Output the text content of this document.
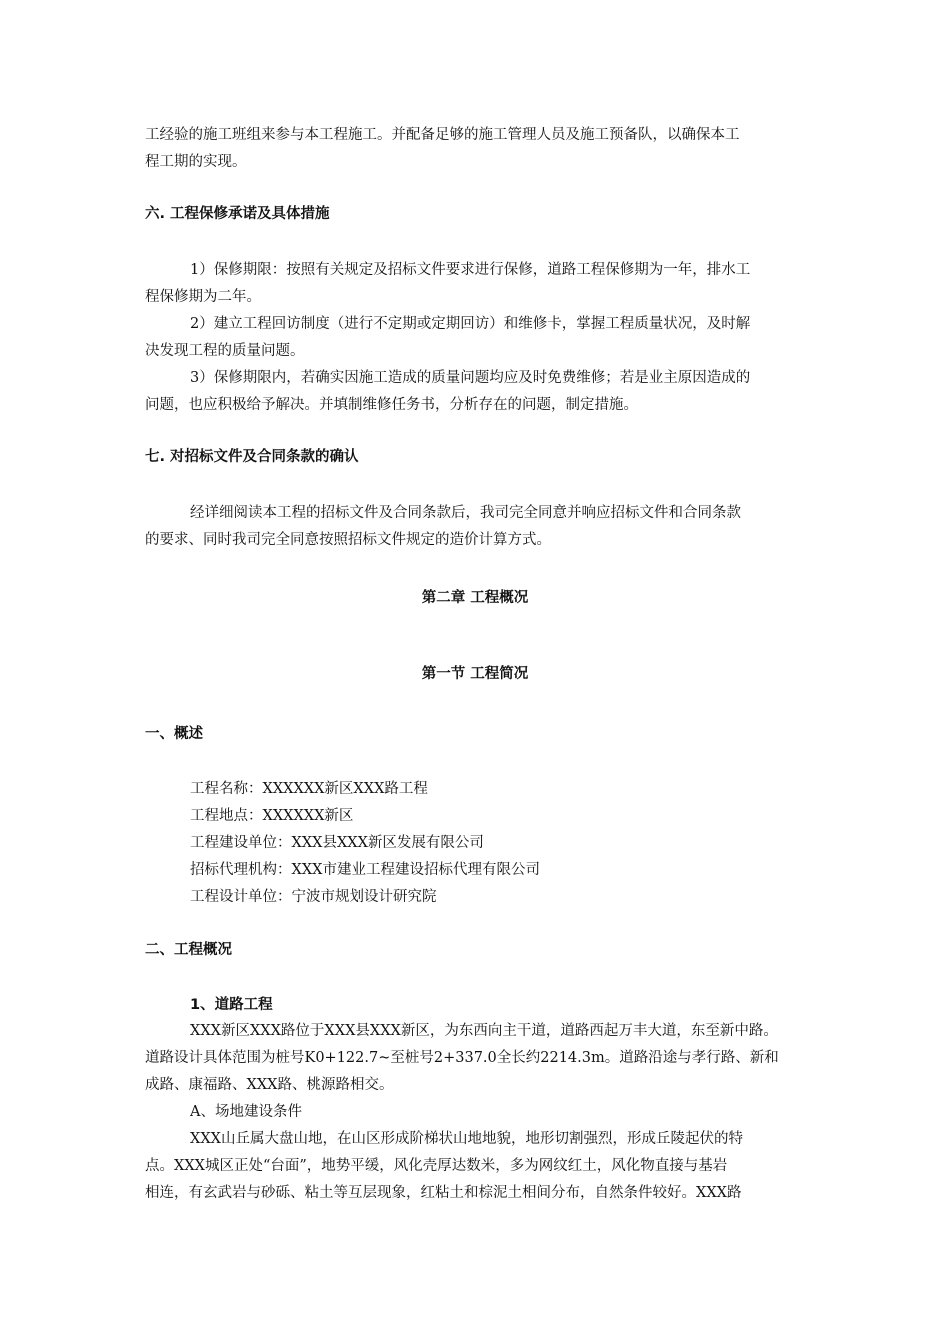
工经验的施工班组来参与本工程施工。并配备足够的施工管理人员及施工预备队，以确保本工
程工期的实现。
六. 工程保修承诺及具体措施
1）保修期限：按照有关规定及招标文件要求进行保修，道路工程保修期为一年，排水工
程保修期为二年。
2）建立工程回访制度（进行不定期或定期回访）和维修卡，掌握工程质量状况，及时解
决发现工程的质量问题。
3）保修期限内，若确实因施工造成的质量问题均应及时免费维修；若是业主原因造成的
问题，也应积极给予解决。并填制维修任务书，分析存在的问题，制定措施。
七. 对招标文件及合同条款的确认
经详细阅读本工程的招标文件及合同条款后，我司完全同意并响应招标文件和合同条款
的要求、同时我司完全同意按照招标文件规定的造价计算方式。
第二章 工程概况
第一节 工程简况
一、概述
工程名称：XXXXXX新区XXX路工程
工程地点：XXXXXX新区
工程建设单位：XXX县XXX新区发展有限公司
招标代理机构：XXX市建业工程建设招标代理有限公司
工程设计单位：宁波市规划设计研究院
二、工程概况
1、道路工程
XXX新区XXX路位于XXX县XXX新区，为东西向主干道，道路西起万丰大道，东至新中路。
道路设计具体范围为桩号K0+122.7~至桩号2+337.0全长约2214.3m。道路沿途与孝行路、新和
成路、康福路、XXX路、桃源路相交。
A、场地建设条件
XXX山丘属大盘山地，在山区形成阶梯状山地地貌，地形切割强烈，形成丘陵起伏的特
点。XXX城区正处“台面”，地势平缓，风化壳厚达数米，多为网纹红土，风化物直接与基岩
相连，有玄武岩与砂砾、粘土等互层现象，红粘土和棕泥土相间分布，自然条件较好。XXX路
